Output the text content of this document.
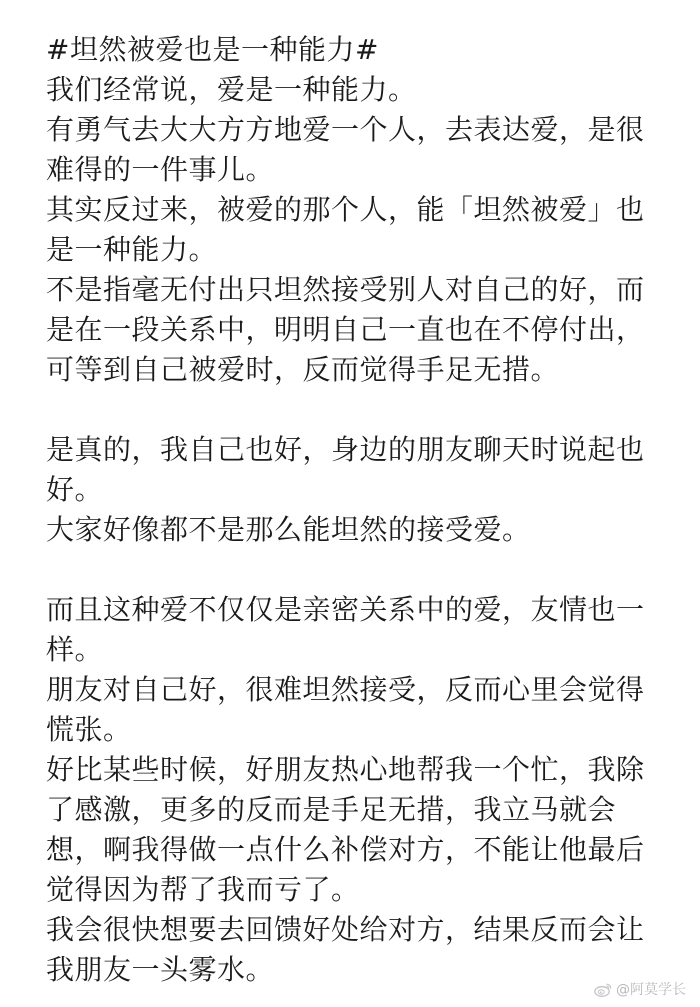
#坦然被爱也是一种能力#
我们经常说，爱是一种能力。
有勇气去大大方方地爱一个人，去表达爱，是很
难得的一件事儿。
其实反过来，被爱的那个人，能「坦然被爱」也
是一种能力。
不是指毫无付出只坦然接受别人对自己的好，而
是在一段关系中，明明自己一直也在不停付出，
可等到自己被爱时，反而觉得手足无措。
是真的，我自己也好，身边的朋友聊天时说起也
好。
大家好像都不是那么能坦然的接受爱。
而且这种爱不仅仅是亲密关系中的爱，友情也一
样。
朋友对自己好，很难坦然接受，反而心里会觉得
慌张。
好比某些时候，好朋友热心地帮我一个忙，我除
了感激，更多的反而是手足无措，我立马就会
想，啊我得做一点什么补偿对方，不能让他最后
觉得因为帮了我而亏了。
我会很快想要去回馈好处给对方，结果反而会让
我朋友一头雾水。
@阿莫学长
